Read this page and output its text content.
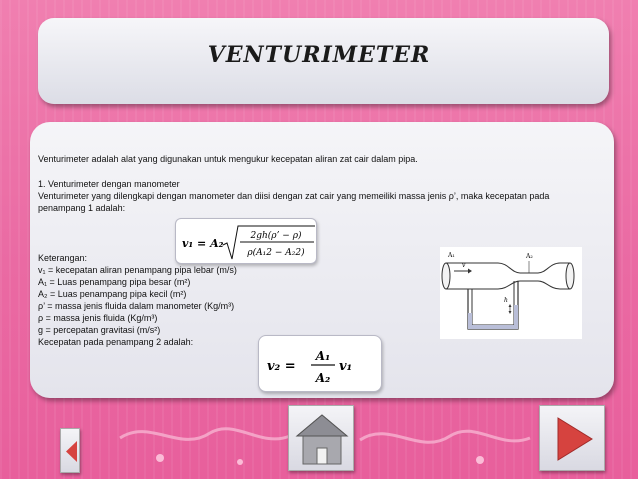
VENTURIMETER
Venturimeter adalah alat yang digunakan untuk mengukur kecepatan aliran zat cair dalam pipa.
1. Venturimeter dengan manometer
Venturimeter yang dilengkapi dengan manometer dan diisi dengan zat cair yang memeiliki massa jenis ρ’, maka kecepatan pada penampang 1 adalah:
v₁ = A₂
2gh(ρ’ − ρ)
ρ(A₁2 − A₂2)
Keterangan:
v₁ = kecepatan aliran penampang pipa lebar (m/s)
A₁ = Luas penampang pipa besar (m²)
A₂ = Luas penampang pipa kecil (m²)
ρ’ = massa jenis fluida dalam manometer (Kg/m³)
ρ = massa jenis fluida (Kg/m³)
g = percepatan gravitasi (m/s²)
Kecepatan pada penampang 2 adalah:
v₂ =
A₁
A₂
v₁
v
A₁	A₂
h
